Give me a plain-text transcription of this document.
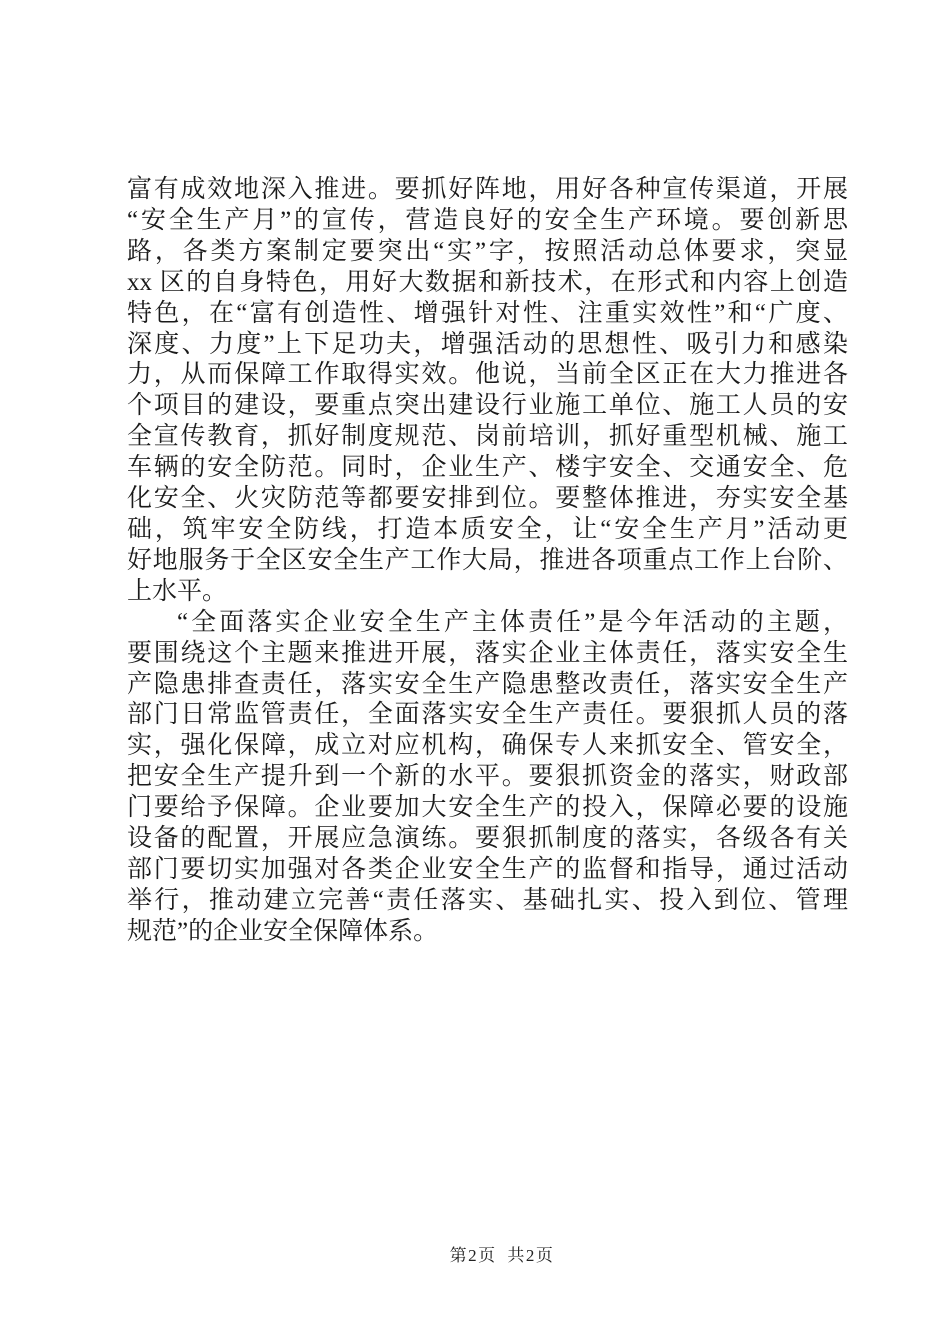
富有成效地深入推进。要抓好阵地，用好各种宣传渠道，开展
“安全生产月”的宣传，营造良好的安全生产环境。要创新思
路，各类方案制定要突出“实”字，按照活动总体要求，突显
xx 区的自身特色，用好大数据和新技术，在形式和内容上创造
特色，在“富有创造性、增强针对性、注重实效性”和“广度、
深度、力度”上下足功夫，增强活动的思想性、吸引力和感染
力，从而保障工作取得实效。他说，当前全区正在大力推进各
个项目的建设，要重点突出建设行业施工单位、施工人员的安
全宣传教育，抓好制度规范、岗前培训，抓好重型机械、施工
车辆的安全防范。同时，企业生产、楼宇安全、交通安全、危
化安全、火灾防范等都要安排到位。要整体推进，夯实安全基
础，筑牢安全防线，打造本质安全，让“安全生产月”活动更
好地服务于全区安全生产工作大局，推进各项重点工作上台阶、
上水平。
“全面落实企业安全生产主体责任”是今年活动的主题，
要围绕这个主题来推进开展，落实企业主体责任，落实安全生
产隐患排查责任，落实安全生产隐患整改责任，落实安全生产
部门日常监管责任，全面落实安全生产责任。要狠抓人员的落
实，强化保障，成立对应机构，确保专人来抓安全、管安全，
把安全生产提升到一个新的水平。要狠抓资金的落实，财政部
门要给予保障。企业要加大安全生产的投入，保障必要的设施
设备的配置，开展应急演练。要狠抓制度的落实，各级各有关
部门要切实加强对各类企业安全生产的监督和指导，通过活动
举行，推动建立完善“责任落实、基础扎实、投入到位、管理
规范”的企业安全保障体系。
第2页 共2页
